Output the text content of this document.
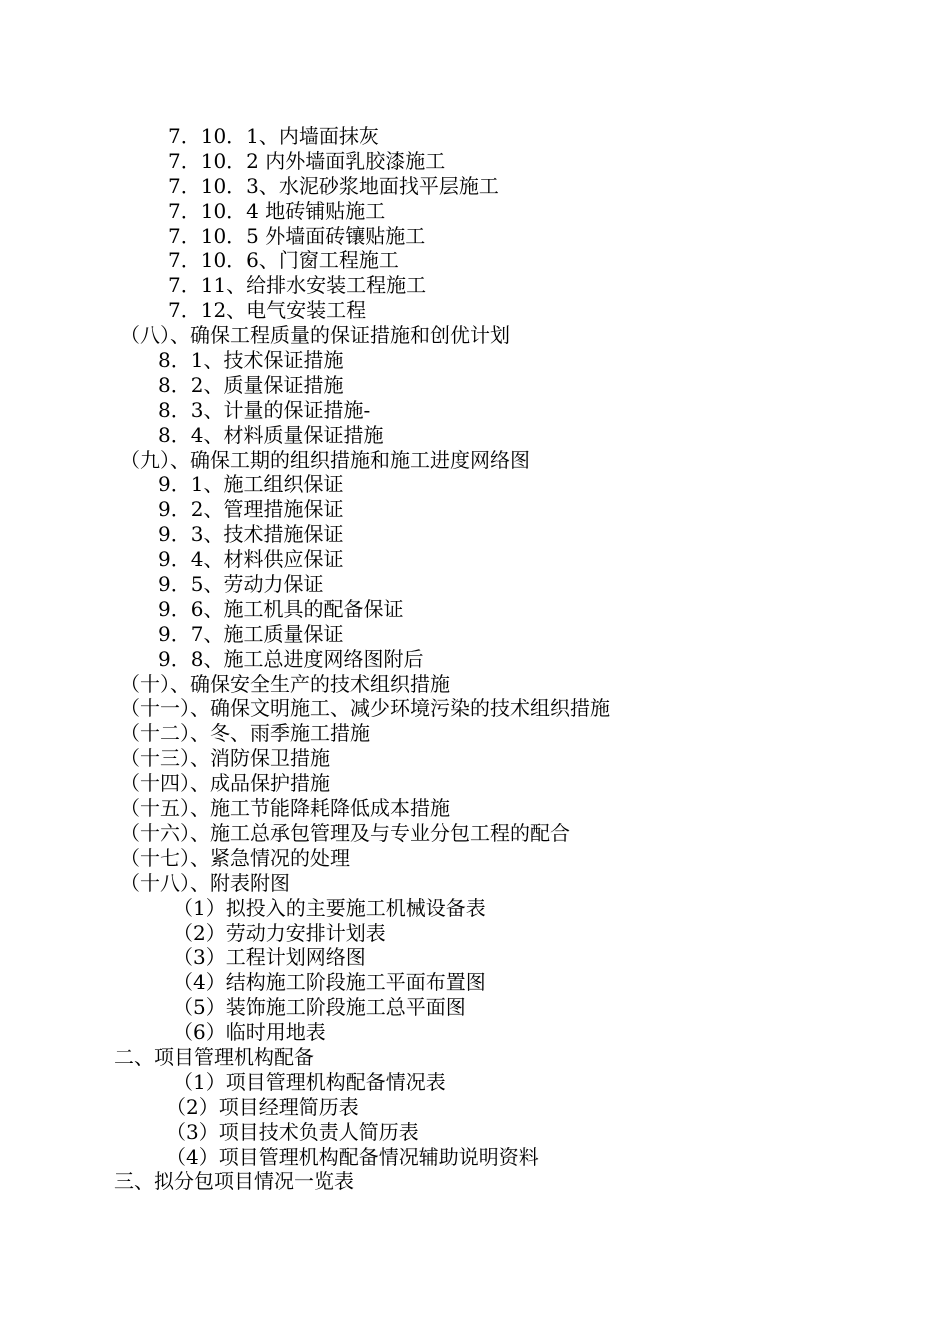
7．10．1、内墙面抹灰
7．10．2 内外墙面乳胶漆施工
7．10．3、水泥砂浆地面找平层施工
7．10．4 地砖铺贴施工
7．10．5 外墙面砖镶贴施工
7．10．6、门窗工程施工
7．11、给排水安装工程施工
7．12、电气安装工程
（八）、确保工程质量的保证措施和创优计划
8．1、技术保证措施
8．2、质量保证措施
8．3、计量的保证措施-
8．4、材料质量保证措施
（九）、确保工期的组织措施和施工进度网络图
9．1、施工组织保证
9．2、管理措施保证
9．3、技术措施保证
9．4、材料供应保证
9．5、劳动力保证
9．6、施工机具的配备保证
9．7、施工质量保证
9．8、施工总进度网络图附后
（十）、确保安全生产的技术组织措施
（十一）、确保文明施工、减少环境污染的技术组织措施
（十二）、冬、雨季施工措施
（十三）、消防保卫措施
（十四）、成品保护措施
（十五）、施工节能降耗降低成本措施
（十六）、施工总承包管理及与专业分包工程的配合
（十七）、紧急情况的处理
（十八）、附表附图
（1）拟投入的主要施工机械设备表
（2）劳动力安排计划表
（3）工程计划网络图
（4）结构施工阶段施工平面布置图
（5）装饰施工阶段施工总平面图
（6）临时用地表
二、项目管理机构配备
（1）项目管理机构配备情况表
（2）项目经理简历表
（3）项目技术负责人简历表
（4）项目管理机构配备情况辅助说明资料
三、拟分包项目情况一览表
